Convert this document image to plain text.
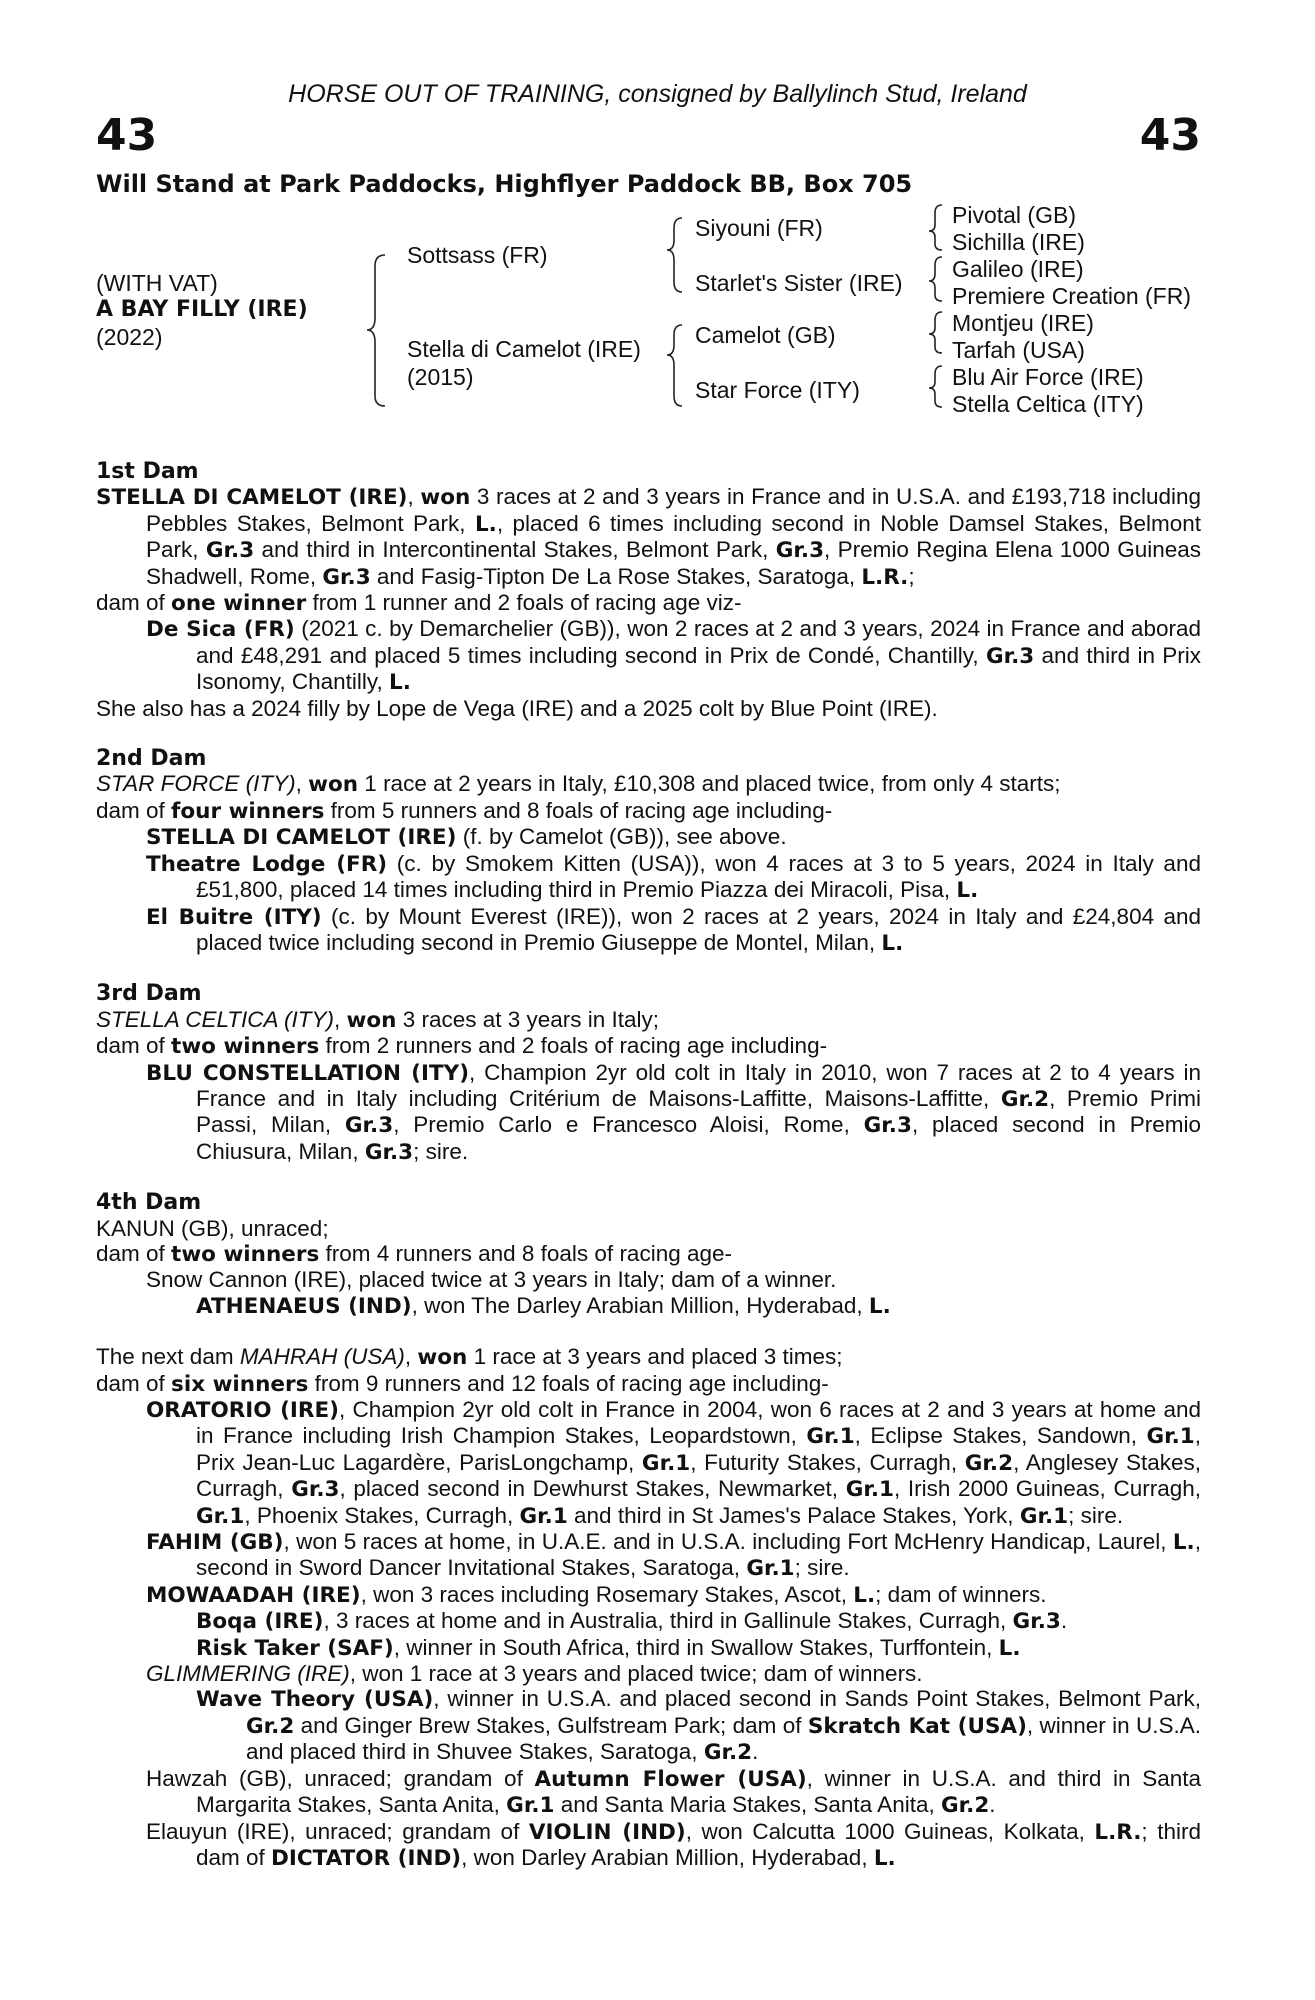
HORSE OUT OF TRAINING, consigned by Ballylinch Stud, Ireland
43	43
Will Stand at Park Paddocks, Highflyer Paddock BB, Box 705
(WITH VAT)
A BAY FILLY (IRE)
(2022)
Sottsass (FR)
Stella di Camelot (IRE)
(2015)
Siyouni (FR)
Starlet's Sister (IRE)
Camelot (GB)
Star Force (ITY)
Pivotal (GB)
Sichilla (IRE)
Galileo (IRE)
Premiere Creation (FR)
Montjeu (IRE)
Tarfah (USA)
Blu Air Force (IRE)
Stella Celtica (ITY)
1st Dam
STELLA DI CAMELOT (IRE), won 3 races at 2 and 3 years in France and in U.S.A. and £193,718 including Pebbles Stakes, Belmont Park, L., placed 6 times including second in Noble Damsel Stakes, Belmont Park, Gr.3 and third in Intercontinental Stakes, Belmont Park, Gr.3, Premio Regina Elena 1000 Guineas Shadwell, Rome, Gr.3 and Fasig-Tipton De La Rose Stakes, Saratoga, L.R.;
dam of one winner from 1 runner and 2 foals of racing age viz-
De Sica (FR) (2021 c. by Demarchelier (GB)), won 2 races at 2 and 3 years, 2024 in France and aborad and £48,291 and placed 5 times including second in Prix de Condé, Chantilly, Gr.3 and third in Prix Isonomy, Chantilly, L.
She also has a 2024 filly by Lope de Vega (IRE) and a 2025 colt by Blue Point (IRE).
2nd Dam
STAR FORCE (ITY), won 1 race at 2 years in Italy, £10,308 and placed twice, from only 4 starts;
dam of four winners from 5 runners and 8 foals of racing age including-
STELLA DI CAMELOT (IRE) (f. by Camelot (GB)), see above.
Theatre Lodge (FR) (c. by Smokem Kitten (USA)), won 4 races at 3 to 5 years, 2024 in Italy and £51,800, placed 14 times including third in Premio Piazza dei Miracoli, Pisa, L.
El Buitre (ITY) (c. by Mount Everest (IRE)), won 2 races at 2 years, 2024 in Italy and £24,804 and placed twice including second in Premio Giuseppe de Montel, Milan, L.
3rd Dam
STELLA CELTICA (ITY), won 3 races at 3 years in Italy;
dam of two winners from 2 runners and 2 foals of racing age including-
BLU CONSTELLATION (ITY), Champion 2yr old colt in Italy in 2010, won 7 races at 2 to 4 years in France and in Italy including Critérium de Maisons-Laffitte, Maisons-Laffitte, Gr.2, Premio Primi Passi, Milan, Gr.3, Premio Carlo e Francesco Aloisi, Rome, Gr.3, placed second in Premio Chiusura, Milan, Gr.3; sire.
4th Dam
KANUN (GB), unraced;
dam of two winners from 4 runners and 8 foals of racing age-
Snow Cannon (IRE), placed twice at 3 years in Italy; dam of a winner.
ATHENAEUS (IND), won The Darley Arabian Million, Hyderabad, L.
The next dam MAHRAH (USA), won 1 race at 3 years and placed 3 times;
dam of six winners from 9 runners and 12 foals of racing age including-
ORATORIO (IRE), Champion 2yr old colt in France in 2004, won 6 races at 2 and 3 years at home and in France including Irish Champion Stakes, Leopardstown, Gr.1, Eclipse Stakes, Sandown, Gr.1, Prix Jean-Luc Lagardère, ParisLongchamp, Gr.1, Futurity Stakes, Curragh, Gr.2, Anglesey Stakes, Curragh, Gr.3, placed second in Dewhurst Stakes, Newmarket, Gr.1, Irish 2000 Guineas, Curragh, Gr.1, Phoenix Stakes, Curragh, Gr.1 and third in St James's Palace Stakes, York, Gr.1; sire.
FAHIM (GB), won 5 races at home, in U.A.E. and in U.S.A. including Fort McHenry Handicap, Laurel, L., second in Sword Dancer Invitational Stakes, Saratoga, Gr.1; sire.
MOWAADAH (IRE), won 3 races including Rosemary Stakes, Ascot, L.; dam of winners.
Boqa (IRE), 3 races at home and in Australia, third in Gallinule Stakes, Curragh, Gr.3.
Risk Taker (SAF), winner in South Africa, third in Swallow Stakes, Turffontein, L.
GLIMMERING (IRE), won 1 race at 3 years and placed twice; dam of winners.
Wave Theory (USA), winner in U.S.A. and placed second in Sands Point Stakes, Belmont Park, Gr.2 and Ginger Brew Stakes, Gulfstream Park; dam of Skratch Kat (USA), winner in U.S.A. and placed third in Shuvee Stakes, Saratoga, Gr.2.
Hawzah (GB), unraced; grandam of Autumn Flower (USA), winner in U.S.A. and third in Santa Margarita Stakes, Santa Anita, Gr.1 and Santa Maria Stakes, Santa Anita, Gr.2.
Elauyun (IRE), unraced; grandam of VIOLIN (IND), won Calcutta 1000 Guineas, Kolkata, L.R.; third dam of DICTATOR (IND), won Darley Arabian Million, Hyderabad, L.
